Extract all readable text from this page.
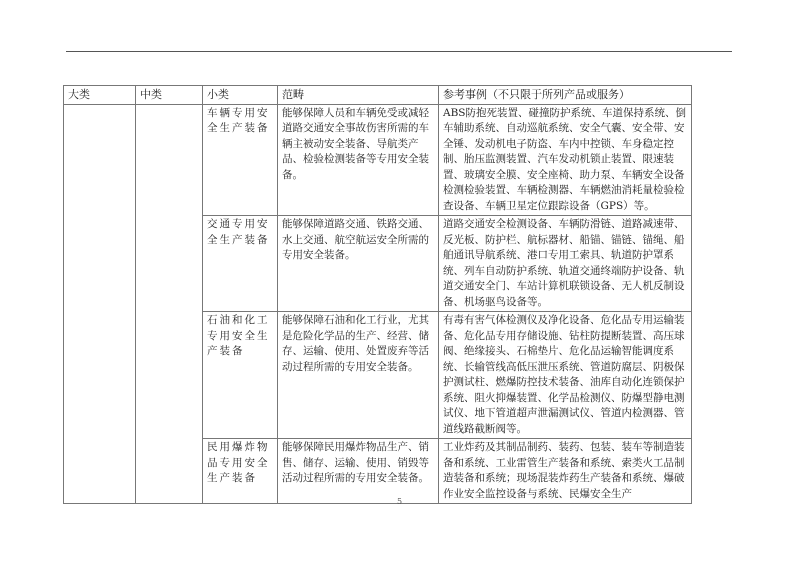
大类	中类	小类	范畴	参考事例（不只限于所列产品或服务）
		车辆专用安全生产装备	能够保障人员和车辆免受或减轻道路交通安全事故伤害所需的车辆主被动安全装备、导航类产品、检验检测装备等专用安全装备。	ABS防抱死装置、碰撞防护系统、车道保持系统、倒车辅助系统、自动巡航系统、安全气囊、安全带、安全锤、发动机电子防盗、车内中控锁、车身稳定控制、胎压监测装置、汽车发动机锁止装置、限速装置、玻璃安全膜、安全座椅、助力泵、车辆安全设备检测检验装置、车辆检测器、车辆燃油消耗量检验检查设备、车辆卫星定位跟踪设备（GPS）等。
		交通专用安全生产装备	能够保障道路交通、铁路交通、水上交通、航空航运安全所需的专用安全装备。	道路交通安全检测设备、车辆防滑链、道路减速带、反光板、防护栏、航标器材、船锚、锚链、锚绳、船舶通讯导航系统、港口专用工索具、轨道防护罩系统、列车自动防护系统、轨道交通终端防护设备、轨道交通安全门、车站计算机联锁设备、无人机反制设备、机场驱鸟设备等。
		石油和化工专用安全生产装备	能够保障石油和化工行业，尤其是危险化学品的生产、经营、储存、运输、使用、处置废弃等活动过程所需的专用安全装备。	有毒有害气体检测仪及净化设备、危化品专用运输装备、危化品专用存储设施、钻柱防提断装置、高压球阀、绝缘接头、石棉垫片、危化品运输智能调度系统、长输管线高低压泄压系统、管道防腐层、阴极保护测试柱、燃爆防控技术装备、油库自动化连锁保护系统、阻火抑爆装置、化学品检测仪、防爆型静电测试仪、地下管道超声泄漏测试仪、管道内检测器、管道线路截断阀等。
		民用爆炸物品专用安全生产装备	能够保障民用爆炸物品生产、销售、储存、运输、使用、销毁等活动过程所需的专用安全装备。	工业炸药及其制品制药、装药、包装、装车等制造装备和系统、工业雷管生产装备和系统、索类火工品制造装备和系统；现场混装炸药生产装备和系统、爆破作业安全监控设备与系统、民爆安全生产
5
